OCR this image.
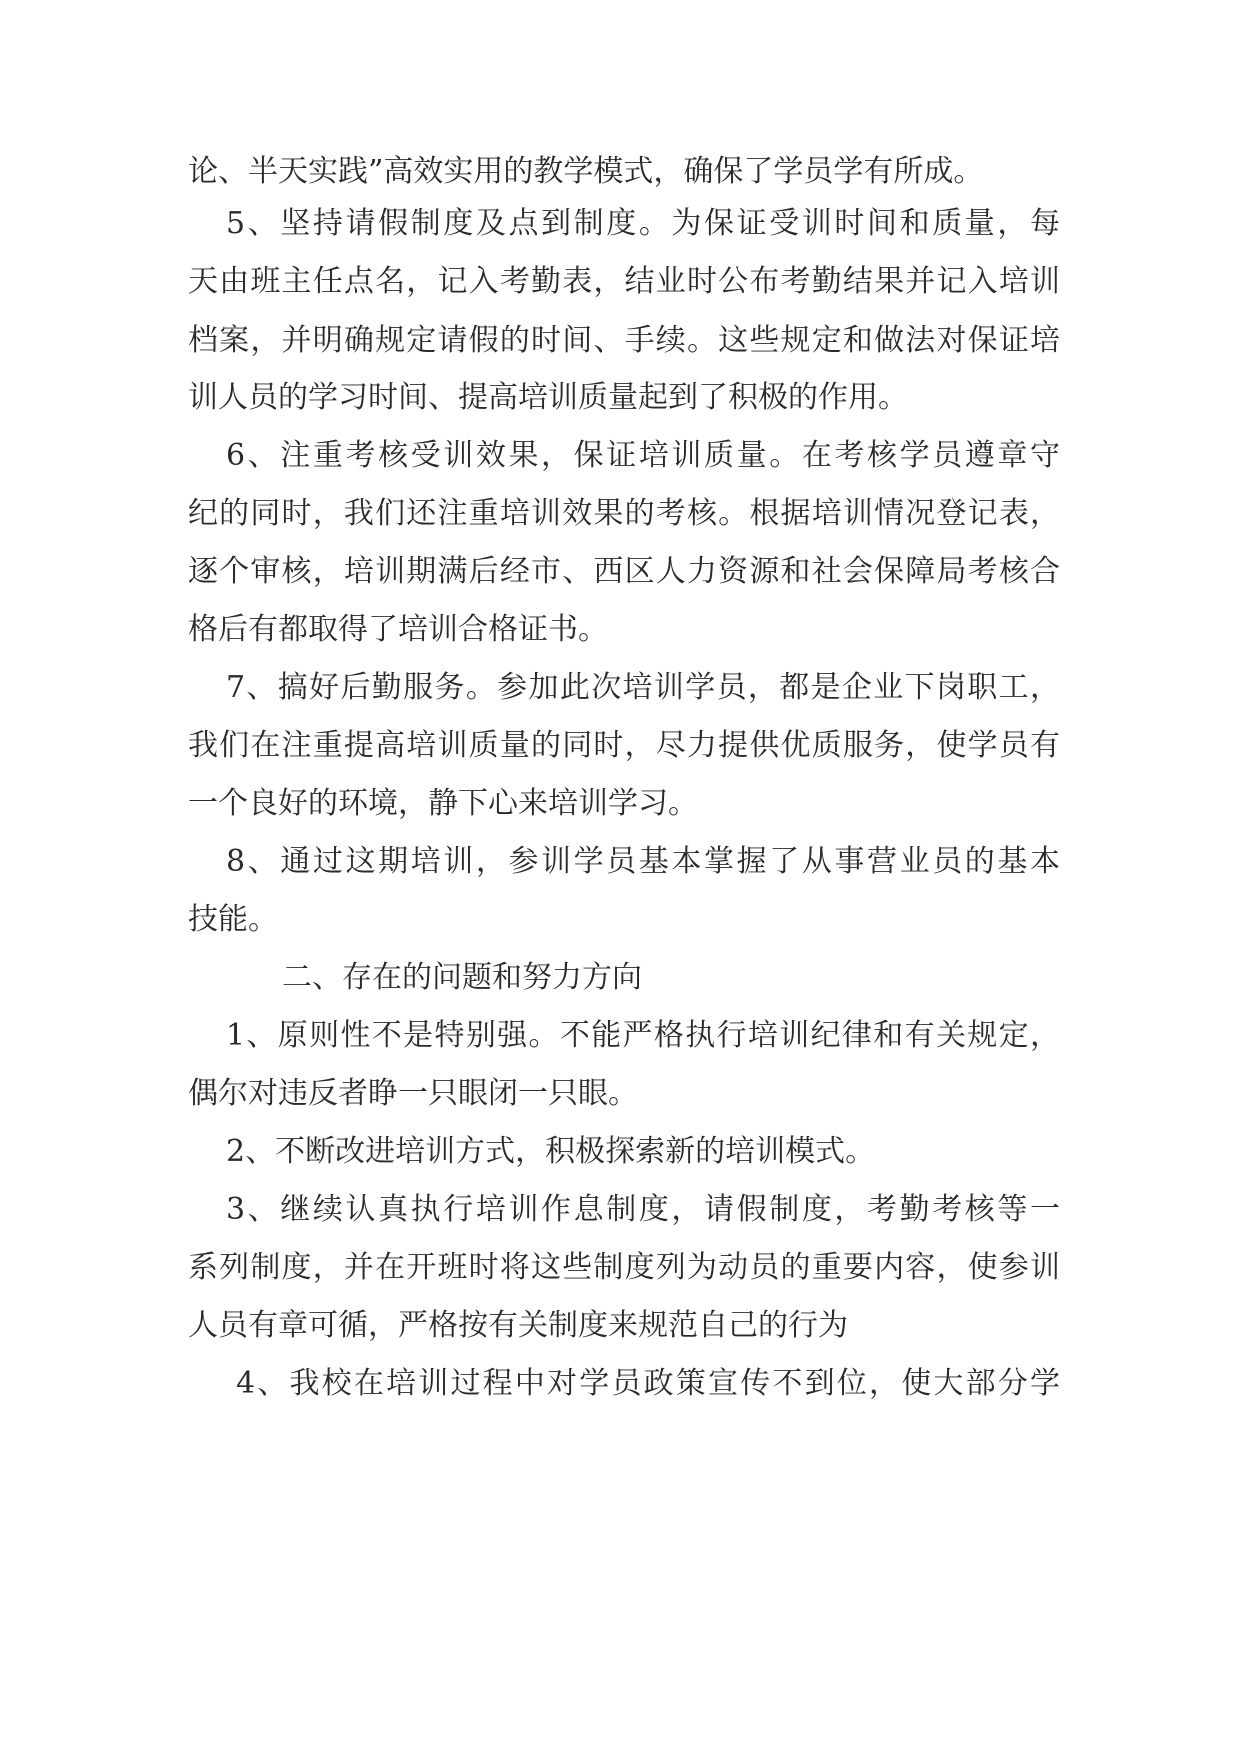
论、半天实践”高效实用的教学模式，确保了学员学有所成。

5、坚持请假制度及点到制度。为保证受训时间和质量，每

天由班主任点名，记入考勤表，结业时公布考勤结果并记入培训

档案，并明确规定请假的时间、手续。这些规定和做法对保证培

训人员的学习时间、提高培训质量起到了积极的作用。

6、注重考核受训效果，保证培训质量。在考核学员遵章守

纪的同时，我们还注重培训效果的考核。根据培训情况登记表，

逐个审核，培训期满后经市、西区人力资源和社会保障局考核合

格后有都取得了培训合格证书。

7、搞好后勤服务。参加此次培训学员，都是企业下岗职工，

我们在注重提高培训质量的同时，尽力提供优质服务，使学员有

一个良好的环境，静下心来培训学习。

8、通过这期培训，参训学员基本掌握了从事营业员的基本

技能。

二、存在的问题和努力方向

1、原则性不是特别强。不能严格执行培训纪律和有关规定，

偶尔对违反者睁一只眼闭一只眼。

2、不断改进培训方式，积极探索新的培训模式。

3、继续认真执行培训作息制度，请假制度，考勤考核等一

系列制度，并在开班时将这些制度列为动员的重要内容，使参训

人员有章可循，严格按有关制度来规范自己的行为

4、我校在培训过程中对学员政策宣传不到位，使大部分学
